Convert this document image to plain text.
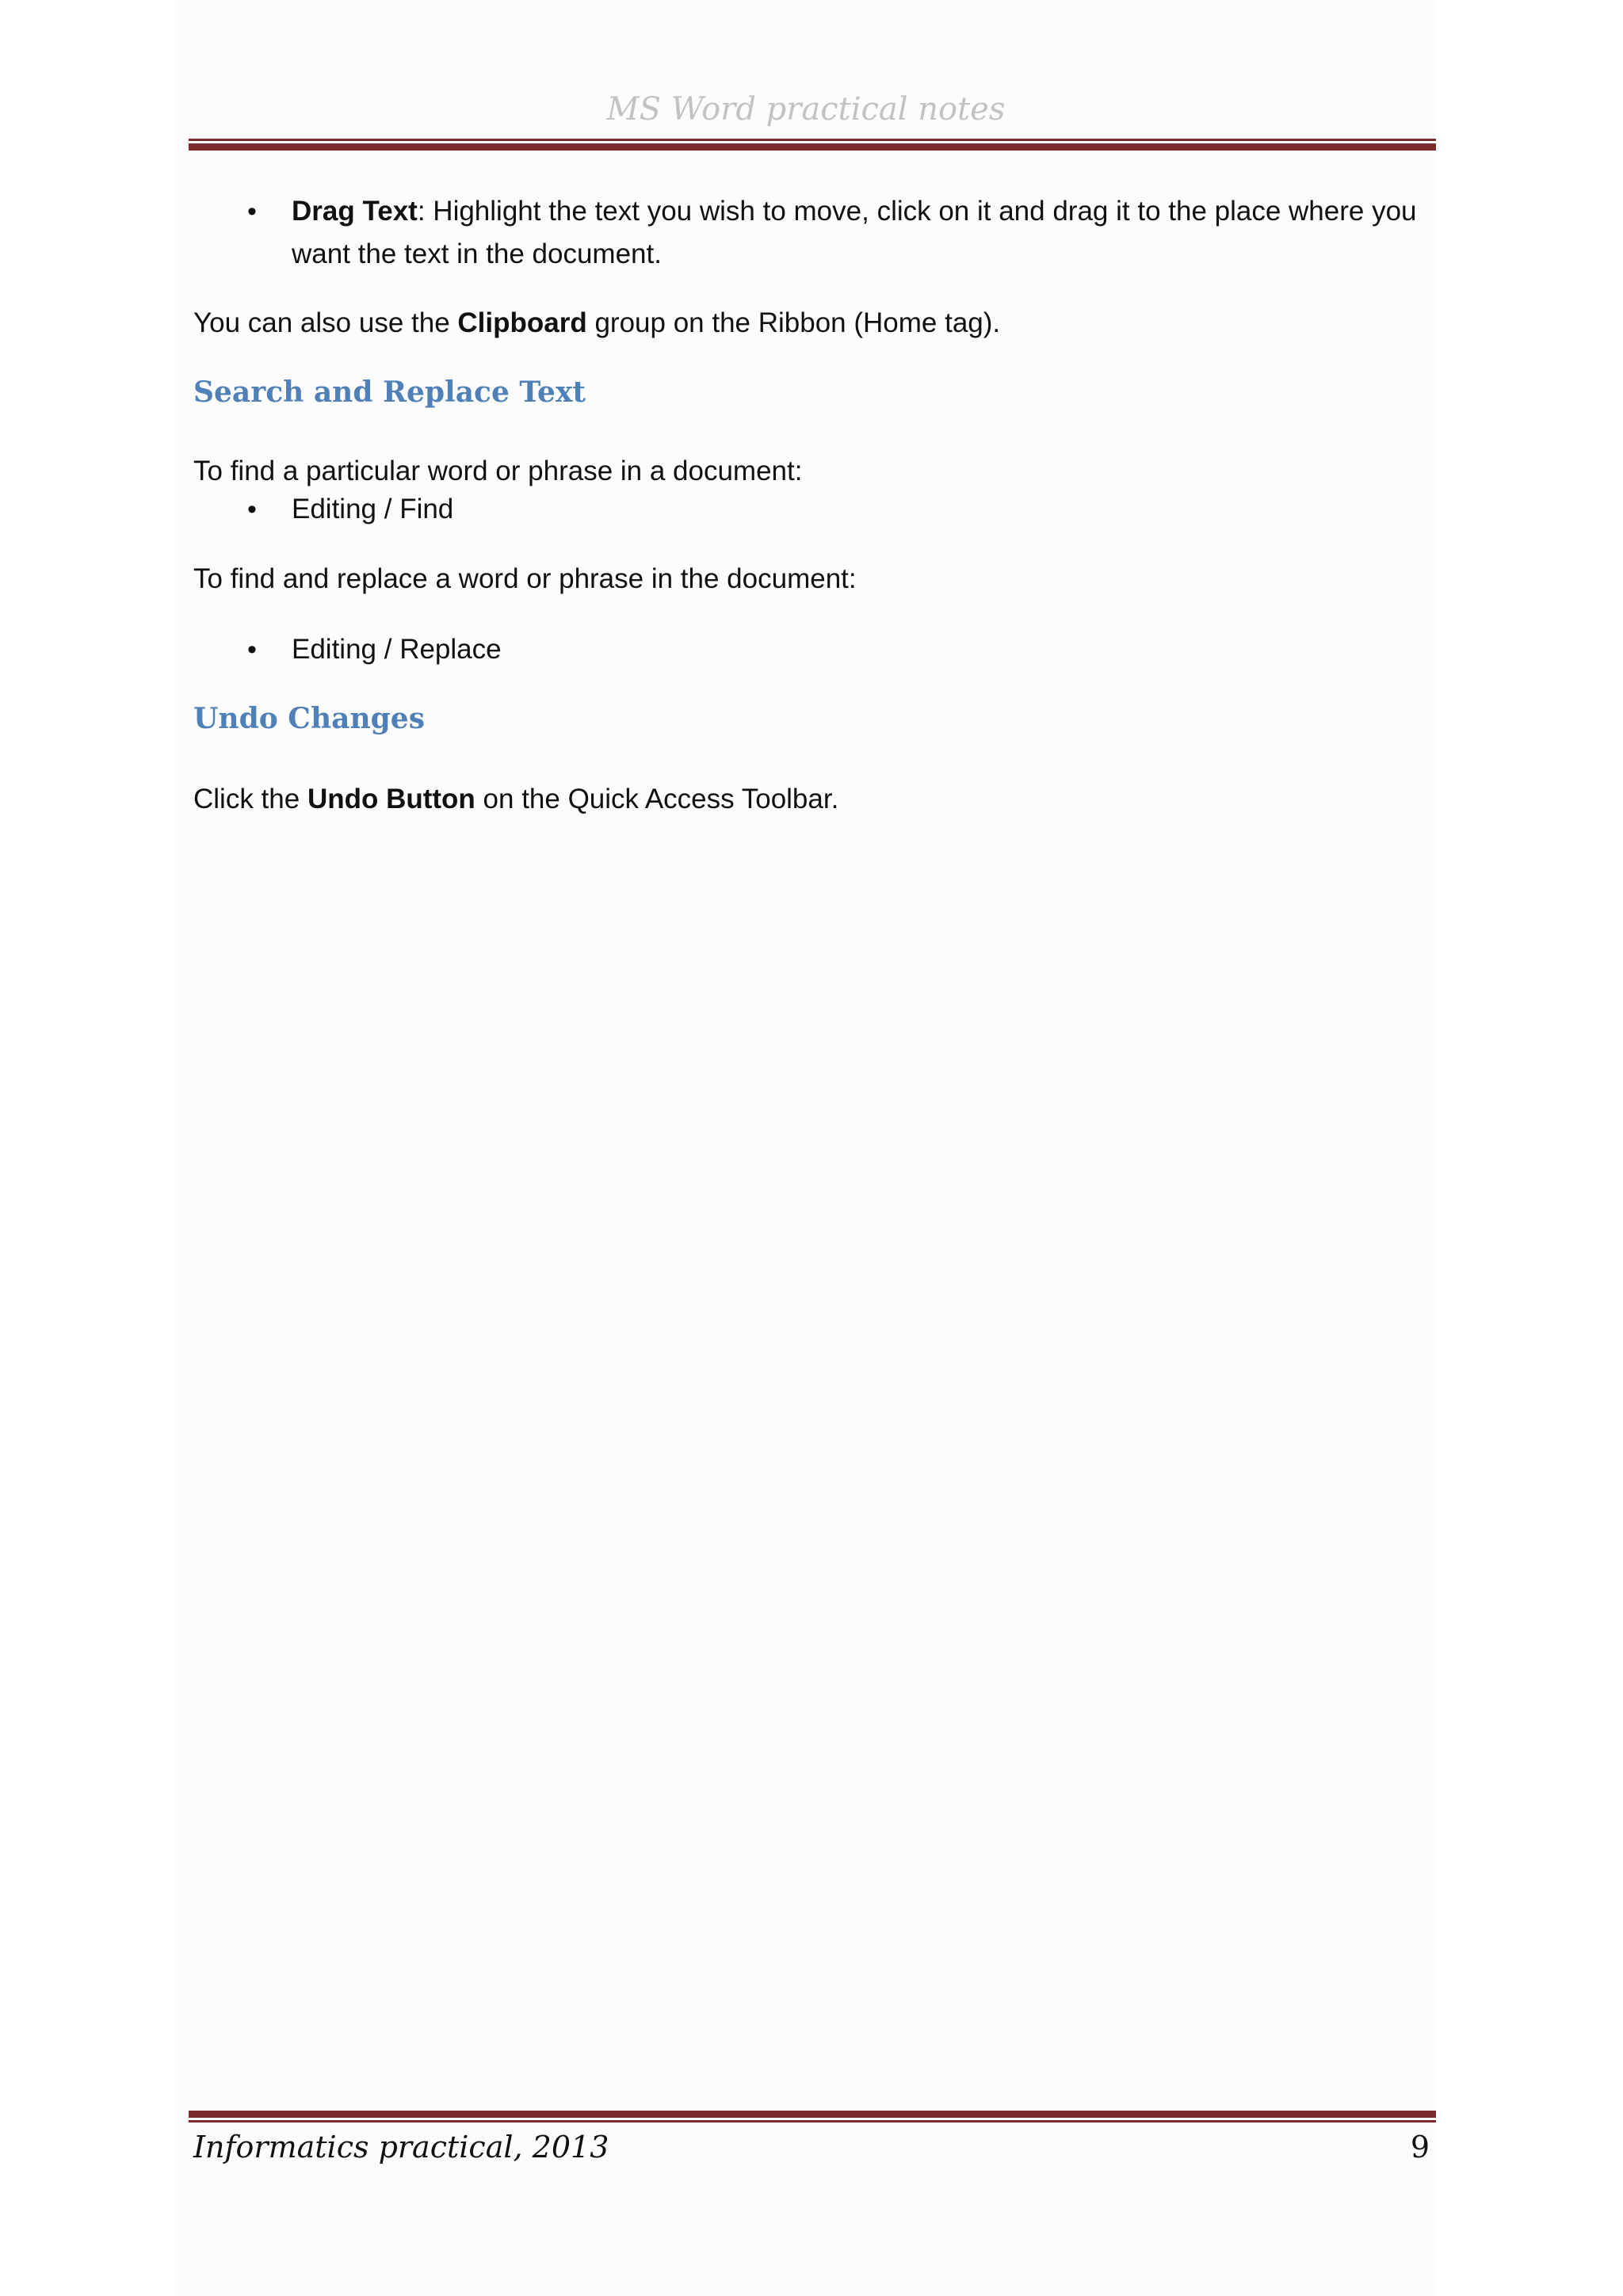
MS Word practical notes
• Drag Text: Highlight the text you wish to move, click on it and drag it to the place where you want the text in the document.

You can also use the Clipboard group on the Ribbon (Home tag).

Search and Replace Text

To find a particular word or phrase in a document:

• Editing / Find

To find and replace a word or phrase in the document:

• Editing / Replace
Undo Changes

Click the Undo Button on the Quick Access Toolbar.

Informatics practical, 2013	9
